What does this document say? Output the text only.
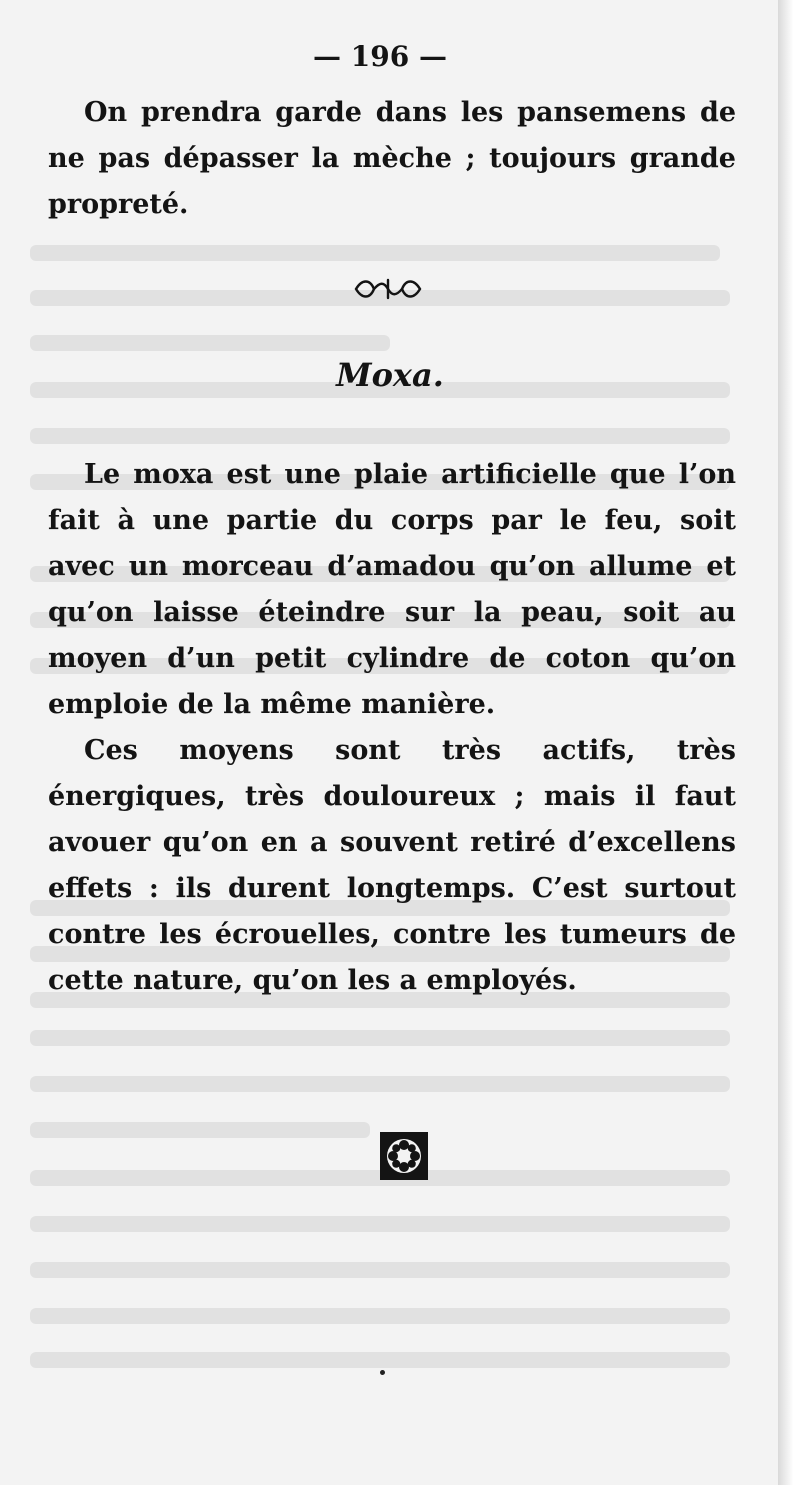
— 196 —

On prendra garde dans les pansemens de ne pas dépasser la mèche ; toujours grande propreté.

Moxa.

Le moxa est une plaie artificielle que l’on fait à une partie du corps par le feu, soit avec un morceau d’amadou qu’on allume et qu’on laisse éteindre sur la peau, soit au moyen d’un petit cylindre de coton qu’on emploie de la même manière.

Ces moyens sont très actifs, très énergiques, très douloureux ; mais il faut avouer qu’on en a souvent retiré d’excellens effets : ils durent longtemps. C’est surtout contre les écrouelles, contre les tumeurs de cette nature, qu’on les a employés.
